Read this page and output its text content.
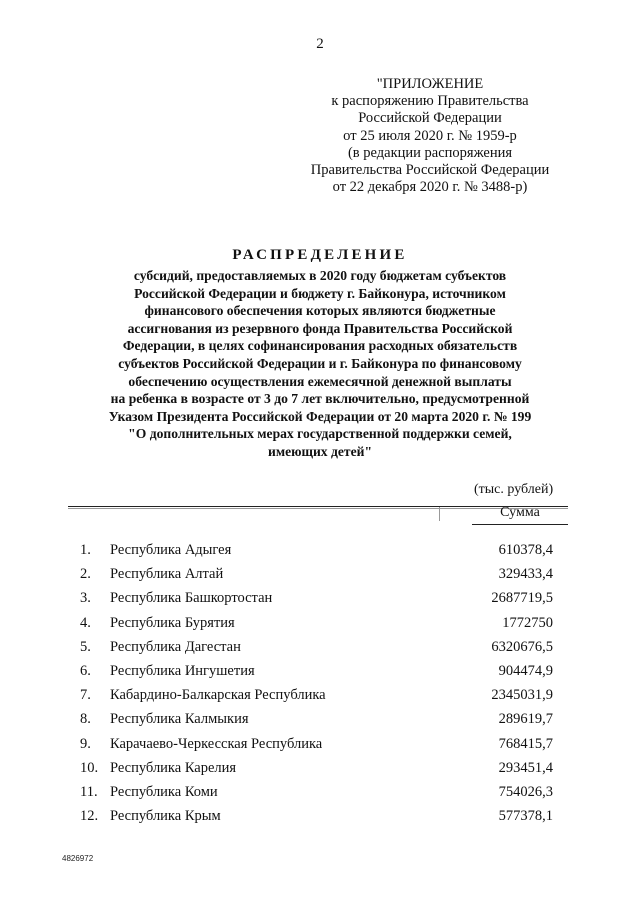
2
"ПРИЛОЖЕНИЕ
к распоряжению Правительства
Российской Федерации
от 25 июля 2020 г. № 1959-р
(в редакции распоряжения
Правительства Российской Федерации
от 22 декабря 2020 г. № 3488-р)
РАСПРЕДЕЛЕНИЕ
субсидий, предоставляемых в 2020 году бюджетам субъектов
Российской Федерации и бюджету г. Байконура, источником
финансового обеспечения которых являются бюджетные
ассигнования из резервного фонда Правительства Российской
Федерации, в целях софинансирования расходных обязательств
субъектов Российской Федерации и г. Байконура по финансовому
обеспечению осуществления ежемесячной денежной выплаты
на ребенка в возрасте от 3 до 7 лет включительно, предусмотренной
Указом Президента Российской Федерации от 20 марта 2020 г. № 199
"О дополнительных мерах государственной поддержки семей,
имеющих детей"
(тыс. рублей)
Сумма
1. Республика Адыгея	610378,4
2. Республика Алтай	329433,4
3. Республика Башкортостан	2687719,5
4. Республика Бурятия	1772750
5. Республика Дагестан	6320676,5
6. Республика Ингушетия	904474,9
7. Кабардино-Балкарская Республика	2345031,9
8. Республика Калмыкия	289619,7
9. Карачаево-Черкесская Республика	768415,7
10. Республика Карелия	293451,4
11. Республика Коми	754026,3
12. Республика Крым	577378,1
4826972
